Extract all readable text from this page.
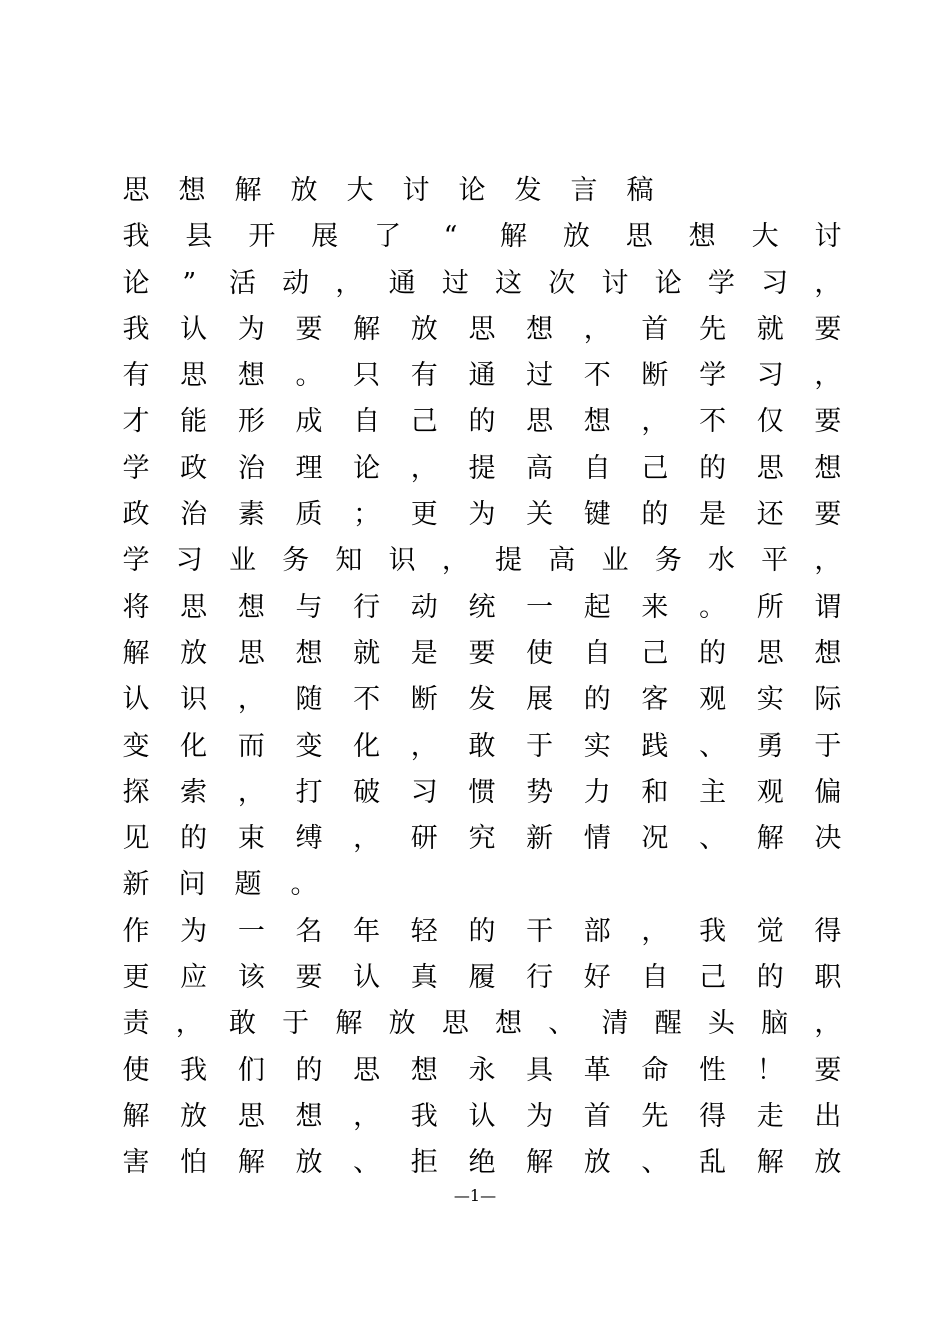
思 想 解 放 大 讨 论 发 言 稿
我 县 开 展 了 “ 解 放 思 想 大 讨
论 ” 活 动 ， 通 过 这 次 讨 论 学 习 ，
我 认 为 要 解 放 思 想 ， 首 先 就 要
有 思 想 。 只 有 通 过 不 断 学 习 ，
才 能 形 成 自 己 的 思 想 ， 不 仅 要
学 政 治 理 论 ， 提 高 自 己 的 思 想
政 治 素 质 ； 更 为 关 键 的 是 还 要
学 习 业 务 知 识 ， 提 高 业 务 水 平 ，
将 思 想 与 行 动 统 一 起 来 。 所 谓
解 放 思 想 就 是 要 使 自 己 的 思 想
认 识 ， 随 不 断 发 展 的 客 观 实 际
变 化 而 变 化 ， 敢 于 实 践 、 勇 于
探 索 ， 打 破 习 惯 势 力 和 主 观 偏
见 的 束 缚 ， 研 究 新 情 况 、 解 决
新 问 题 。
作 为 一 名 年 轻 的 干 部 ， 我 觉 得
更 应 该 要 认 真 履 行 好 自 己 的 职
责 ， 敢 于 解 放 思 想 、 清 醒 头 脑 ，
使 我 们 的 思 想 永 具 革 命 性 ！ 要
解 放 思 想 ， 我 认 为 首 先 得 走 出
害 怕 解 放 、 拒 绝 解 放 、 乱 解 放
—1—
